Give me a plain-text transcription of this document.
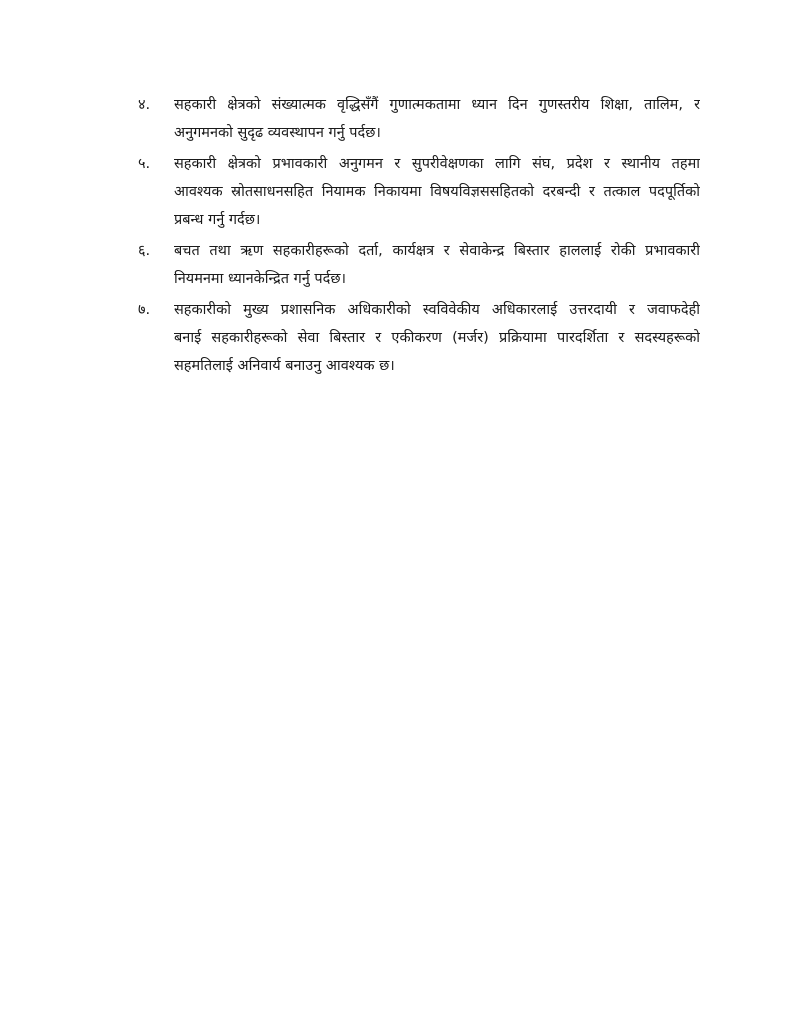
४. सहकारी क्षेत्रको संख्यात्मक वृद्धिसँगैं गुणात्मकतामा ध्यान दिन गुणस्तरीय शिक्षा, तालिम, र
अनुगमनको सुदृढ व्यवस्थापन गर्नु पर्दछ।
५. सहकारी क्षेत्रको प्रभावकारी अनुगमन र सुपरीवेक्षणका लागि संघ, प्रदेश र स्थानीय तहमा
आवश्यक स्रोतसाधनसहित नियामक निकायमा विषयविज्ञससहितको दरबन्दी र तत्काल पदपूर्तिको
प्रबन्ध गर्नु गर्दछ।
६. बचत तथा ऋण सहकारीहरूको दर्ता, कार्यक्षत्र र सेवाकेन्द्र बिस्तार हाललाई रोकी प्रभावकारी
नियमनमा ध्यानकेन्द्रित गर्नु पर्दछ।
७. सहकारीको मुख्य प्रशासनिक अधिकारीको स्वविवेकीय अधिकारलाई उत्तरदायी र जवाफदेही
बनाई सहकारीहरूको सेवा बिस्तार र एकीकरण (मर्जर) प्रक्रियामा पारदर्शिता र सदस्यहरूको
सहमतिलाई अनिवार्य बनाउनु आवश्यक छ।
